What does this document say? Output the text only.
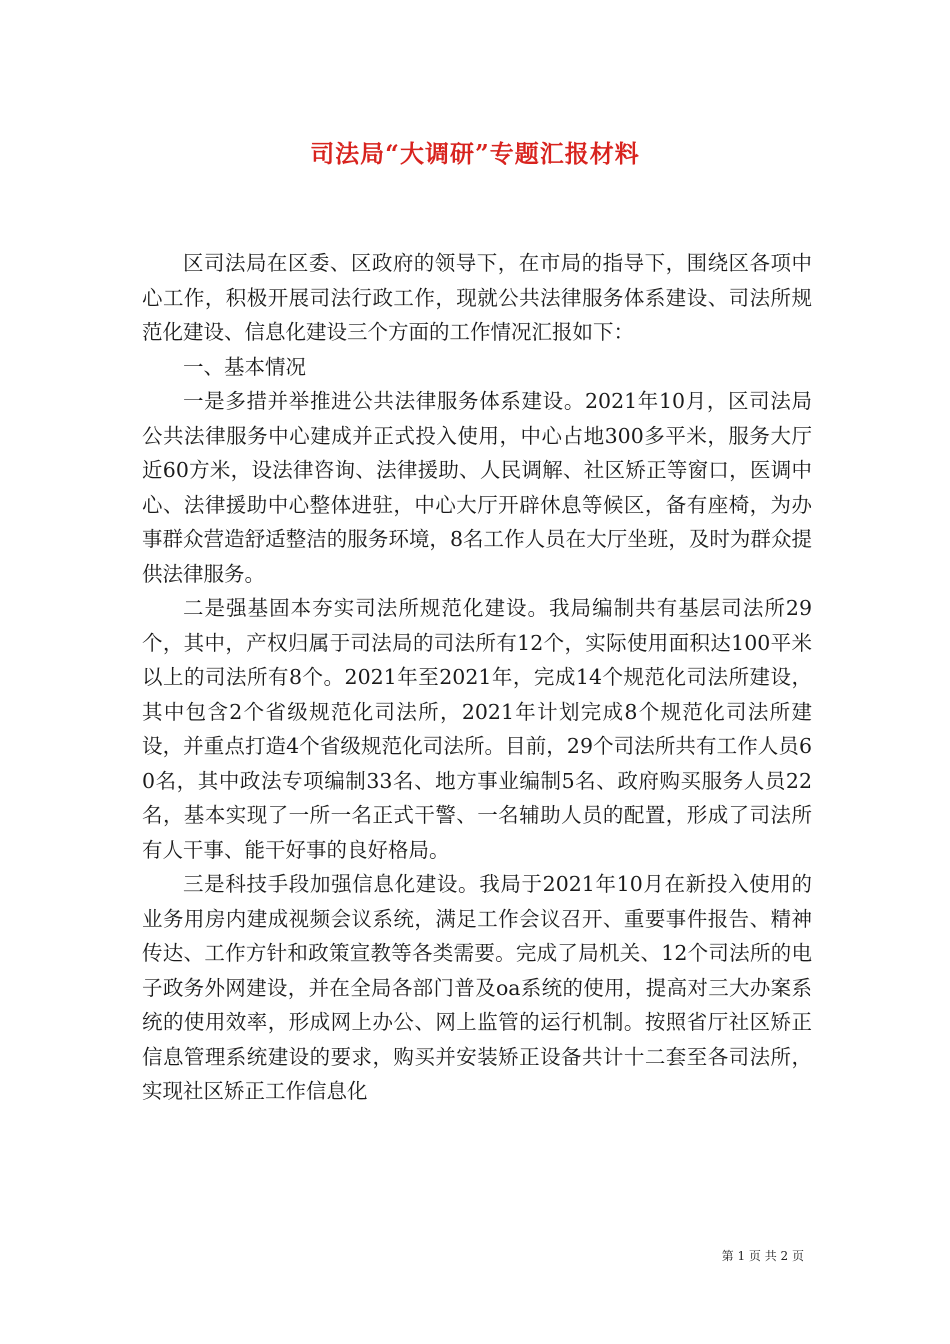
司法局“大调研”专题汇报材料

区司法局在区委、区政府的领导下，在市局的指导下，围绕区各项中心工作，积极开展司法行政工作，现就公共法律服务体系建设、司法所规范化建设、信息化建设三个方面的工作情况汇报如下：

一、基本情况

一是多措并举推进公共法律服务体系建设。2021年10月，区司法局公共法律服务中心建成并正式投入使用，中心占地300多平米，服务大厅近60方米，设法律咨询、法律援助、人民调解、社区矫正等窗口，医调中心、法律援助中心整体进驻，中心大厅开辟休息等候区，备有座椅，为办事群众营造舒适整洁的服务环境，8名工作人员在大厅坐班，及时为群众提供法律服务。

二是强基固本夯实司法所规范化建设。我局编制共有基层司法所29个，其中，产权归属于司法局的司法所有12个，实际使用面积达100平米以上的司法所有8个。2021年至2021年，完成14个规范化司法所建设，其中包含2个省级规范化司法所，2021年计划完成8个规范化司法所建设，并重点打造4个省级规范化司法所。目前，29个司法所共有工作人员60名，其中政法专项编制33名、地方事业编制5名、政府购买服务人员22名，基本实现了一所一名正式干警、一名辅助人员的配置，形成了司法所有人干事、能干好事的良好格局。

三是科技手段加强信息化建设。我局于2021年10月在新投入使用的业务用房内建成视频会议系统，满足工作会议召开、重要事件报告、精神传达、工作方针和政策宣教等各类需要。完成了局机关、12个司法所的电子政务外网建设，并在全局各部门普及oa系统的使用，提高对三大办案系统的使用效率，形成网上办公、网上监管的运行机制。按照省厅社区矫正信息管理系统建设的要求，购买并安装矫正设备共计十二套至各司法所，实现社区矫正工作信息化

第 1 页 共 2 页
